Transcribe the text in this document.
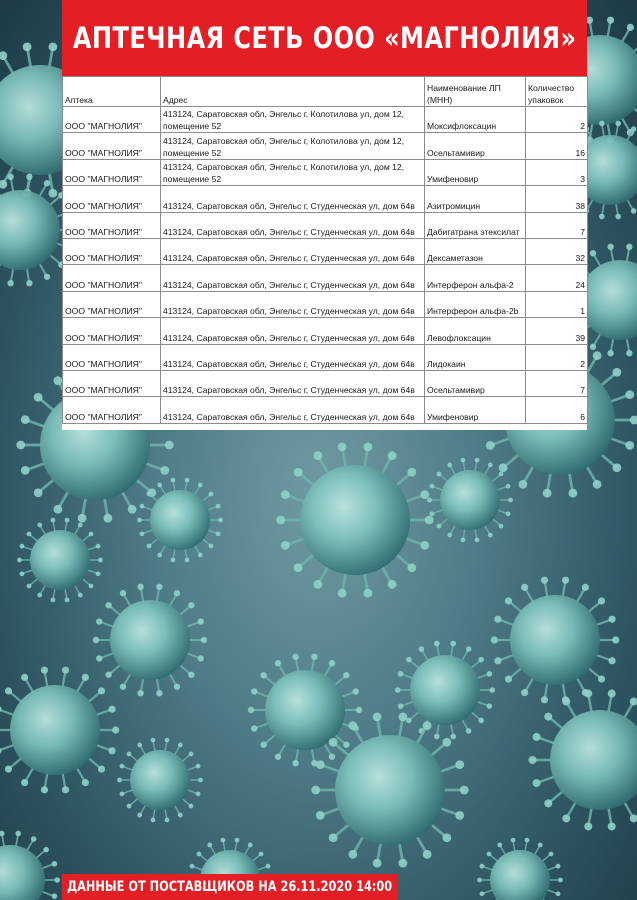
АПТЕЧНАЯ СЕТЬ ООО «МАГНОЛИЯ»
Аптека	Адрес	Наименование ЛП (МНН)	Количество упаковок
ООО "МАГНОЛИЯ"	413124, Саратовская обл, Энгельс г, Колотилова ул, дом 12, помещение 52	Моксифлоксацин	2
ООО "МАГНОЛИЯ"	413124, Саратовская обл, Энгельс г, Колотилова ул, дом 12, помещение 52	Осельтамивир	16
ООО "МАГНОЛИЯ"	413124, Саратовская обл, Энгельс г, Колотилова ул, дом 12, помещение 52	Умифеновир	3
ООО "МАГНОЛИЯ"	413124, Саратовская обл, Энгельс г, Студенческая ул, дом 64в	Азитромицин	38
ООО "МАГНОЛИЯ"	413124, Саратовская обл, Энгельс г, Студенческая ул, дом 64в	Дабигатрана этексилат	7
ООО "МАГНОЛИЯ"	413124, Саратовская обл, Энгельс г, Студенческая ул, дом 64в	Дексаметазон	32
ООО "МАГНОЛИЯ"	413124, Саратовская обл, Энгельс г, Студенческая ул, дом 64в	Интерферон альфа-2	24
ООО "МАГНОЛИЯ"	413124, Саратовская обл, Энгельс г, Студенческая ул, дом 64в	Интерферон альфа-2b	1
ООО "МАГНОЛИЯ"	413124, Саратовская обл, Энгельс г, Студенческая ул, дом 64в	Левофлоксацин	39
ООО "МАГНОЛИЯ"	413124, Саратовская обл, Энгельс г, Студенческая ул, дом 64в	Лидокаин	2
ООО "МАГНОЛИЯ"	413124, Саратовская обл, Энгельс г, Студенческая ул, дом 64в	Осельтамивир	7
ООО "МАГНОЛИЯ"	413124, Саратовская обл, Энгельс г, Студенческая ул, дом 64в	Умифеновир	6
ДАННЫЕ ОТ ПОСТАВЩИКОВ НА 26.11.2020 14:00
